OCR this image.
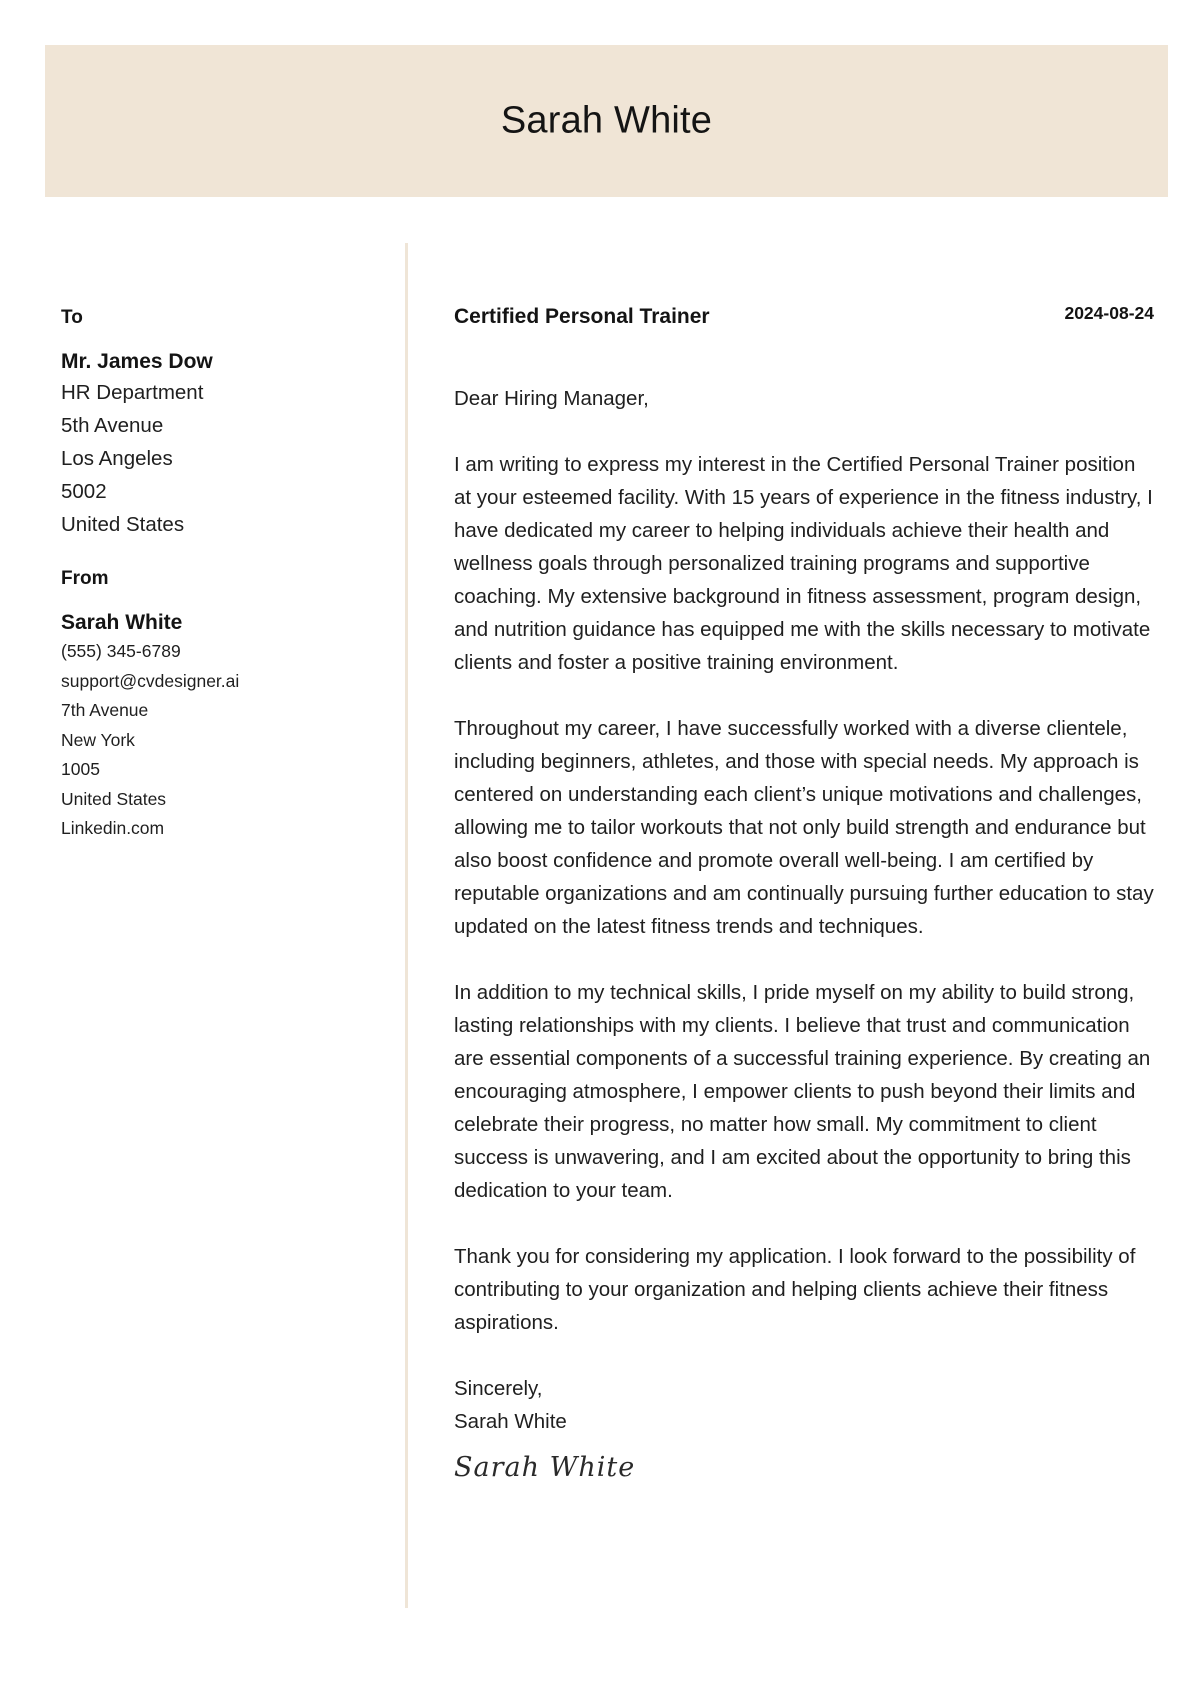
Sarah White
To
Mr. James Dow
HR Department
5th Avenue
Los Angeles
5002
United States
From
Sarah White
(555) 345-6789
support@cvdesigner.ai
7th Avenue
New York
1005
United States
Linkedin.com
Certified Personal Trainer	2024-08-24
Dear Hiring Manager,
I am writing to express my interest in the Certified Personal Trainer position at your esteemed facility. With 15 years of experience in the fitness industry, I have dedicated my career to helping individuals achieve their health and wellness goals through personalized training programs and supportive coaching. My extensive background in fitness assessment, program design, and nutrition guidance has equipped me with the skills necessary to motivate clients and foster a positive training environment.
Throughout my career, I have successfully worked with a diverse clientele, including beginners, athletes, and those with special needs. My approach is centered on understanding each client’s unique motivations and challenges, allowing me to tailor workouts that not only build strength and endurance but also boost confidence and promote overall well-being. I am certified by reputable organizations and am continually pursuing further education to stay updated on the latest fitness trends and techniques.
In addition to my technical skills, I pride myself on my ability to build strong, lasting relationships with my clients. I believe that trust and communication are essential components of a successful training experience. By creating an encouraging atmosphere, I empower clients to push beyond their limits and celebrate their progress, no matter how small. My commitment to client success is unwavering, and I am excited about the opportunity to bring this dedication to your team.
Thank you for considering my application. I look forward to the possibility of contributing to your organization and helping clients achieve their fitness aspirations.
Sincerely,
Sarah White
Sarah White
